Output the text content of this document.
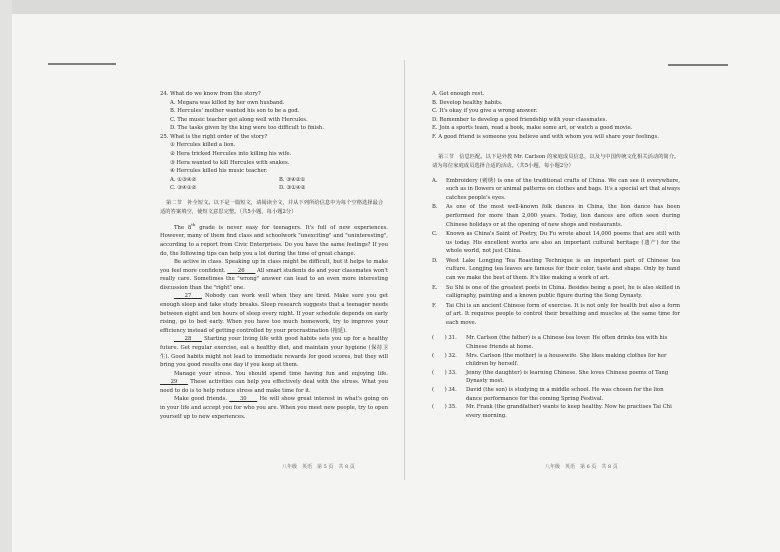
24. What do we know from the story?

A. Megara was killed by her own husband.

B. Hercules' mother wanted his son to be a god.

C. The music teacher got along well with Hercules.

D. The tasks given by the king were too difficult to finish.

25. What is the right order of the story?

① Hercules killed a lion.

② Hera tricked Hercules into killing his wife.

③ Hera wanted to kill Hercules with snakes.

④ Hercules killed his music teacher.

A. ①③④②	B. ③④②①
C. ③④①②	D. ③①④②

第二节　补全短文。以下是一篇短文，请阅读全文，并从下列所给信息中为每个空格选择最合适的答案填空，使短文意思完整。（共5小题，每小题2分）

The 8th grade is never easy for teenagers. It's full of new experiences. However, many of them find class and schoolwork "unexciting" and "uninteresting", according to a report from Civic Enterprises. Do you have the same feelings? If you do, the following tips can help you a lot during the time of great change.

Be active in class. Speaking up in class might be difficult, but it helps to make you feel more confident. ____26____ All smart students do and your classmates won't really care. Sometimes the "wrong" answer can lead to an even more interesting discussion than the "right" one.

____27____ Nobody can work well when they are tired. Make sure you get enough sleep and take study breaks. Sleep research suggests that a teenager needs between eight and ten hours of sleep every night. If your schedule depends on early rising, go to bed early. When you have too much homework, try to improve your efficiency instead of getting controlled by your procrastination (拖延).

____28____ Starting your living life with good habits sets you up for a healthy future. Get regular exercise, eat a healthy diet, and maintain your hygiene (保持卫生). Good habits might not lead to immediate rewards for good scores, but they will bring you good results one day if you keep at them.

Manage your stress. You should spend time having fun and enjoying life. ____29____ These activities can help you effectively deal with the stress. What you need to do is to help reduce stress and make time for it.

Make good friends. ____30____ He will show great interest in what's going on in your life and accept you for who you are. When you meet new people, try to open yourself up to new experiences.

八年级　英语　第 5 页　共 8 页

A. Get enough rest.

B. Develop healthy habits.

C. It's okay if you give a wrong answer.

D. Remember to develop a good friendship with your classmates.

E. Join a sports team, read a book, make some art, or watch a good movie.

F. A good friend is someone you believe and with whom you will share your feelings.

第三节　信息匹配。以下是外教 Mr. Carlson 的家庭成员信息，以及与中国传统文化相关活动的简介。请为每位家庭成员选择合适的活动。（共5小题，每小题2分）

A.	Embroidery (刺绣) is one of the traditional crafts of China. We can see it everywhere, such as in flowers or animal patterns on clothes and bags. It's a special art that always catches people's eyes.
B.	As one of the most well-known folk dances in China, the lion dance has been performed for more than 2,000 years. Today, lion dances are often seen during Chinese holidays or at the opening of new shops and restaurants.
C.	Known as China's Saint of Poetry, Du Fu wrote about 14,000 poems that are still with us today. His excellent works are also an important cultural heritage (遗产) for the whole world, not just China.
D.	West Lake Longjing Tea Roasting Technique is an important part of Chinese tea culture. Longjing tea leaves are famous for their color, taste and shape. Only by hand can we make the best of them. It's like making a work of art.
E.	Su Shi is one of the greatest poets in China. Besides being a poet, he is also skilled in calligraphy, painting and a known public figure during the Song Dynasty.
F.	Tai Chi is an ancient Chinese form of exercise. It is not only for health but also a form of art. It requires people to control their breathing and muscles at the same time for each move.
(　　) 31.	Mr. Carlson (the father) is a Chinese tea lover. He often drinks tea with his Chinese friends at home.
(　　) 32.	Mrs. Carlson (the mother) is a housewife. She likes making clothes for her children by herself.
(　　) 33.	Jenny (the daughter) is learning Chinese. She loves Chinese poems of Tang Dynasty most.
(　　) 34.	David (the son) is studying in a middle school. He was chosen for the lion dance performance for the coming Spring Festival.
(　　) 35.	Mr. Frank (the grandfather) wants to keep healthy. Now he practises Tai Chi every morning.
八年级　英语　第 6 页　共 8 页
